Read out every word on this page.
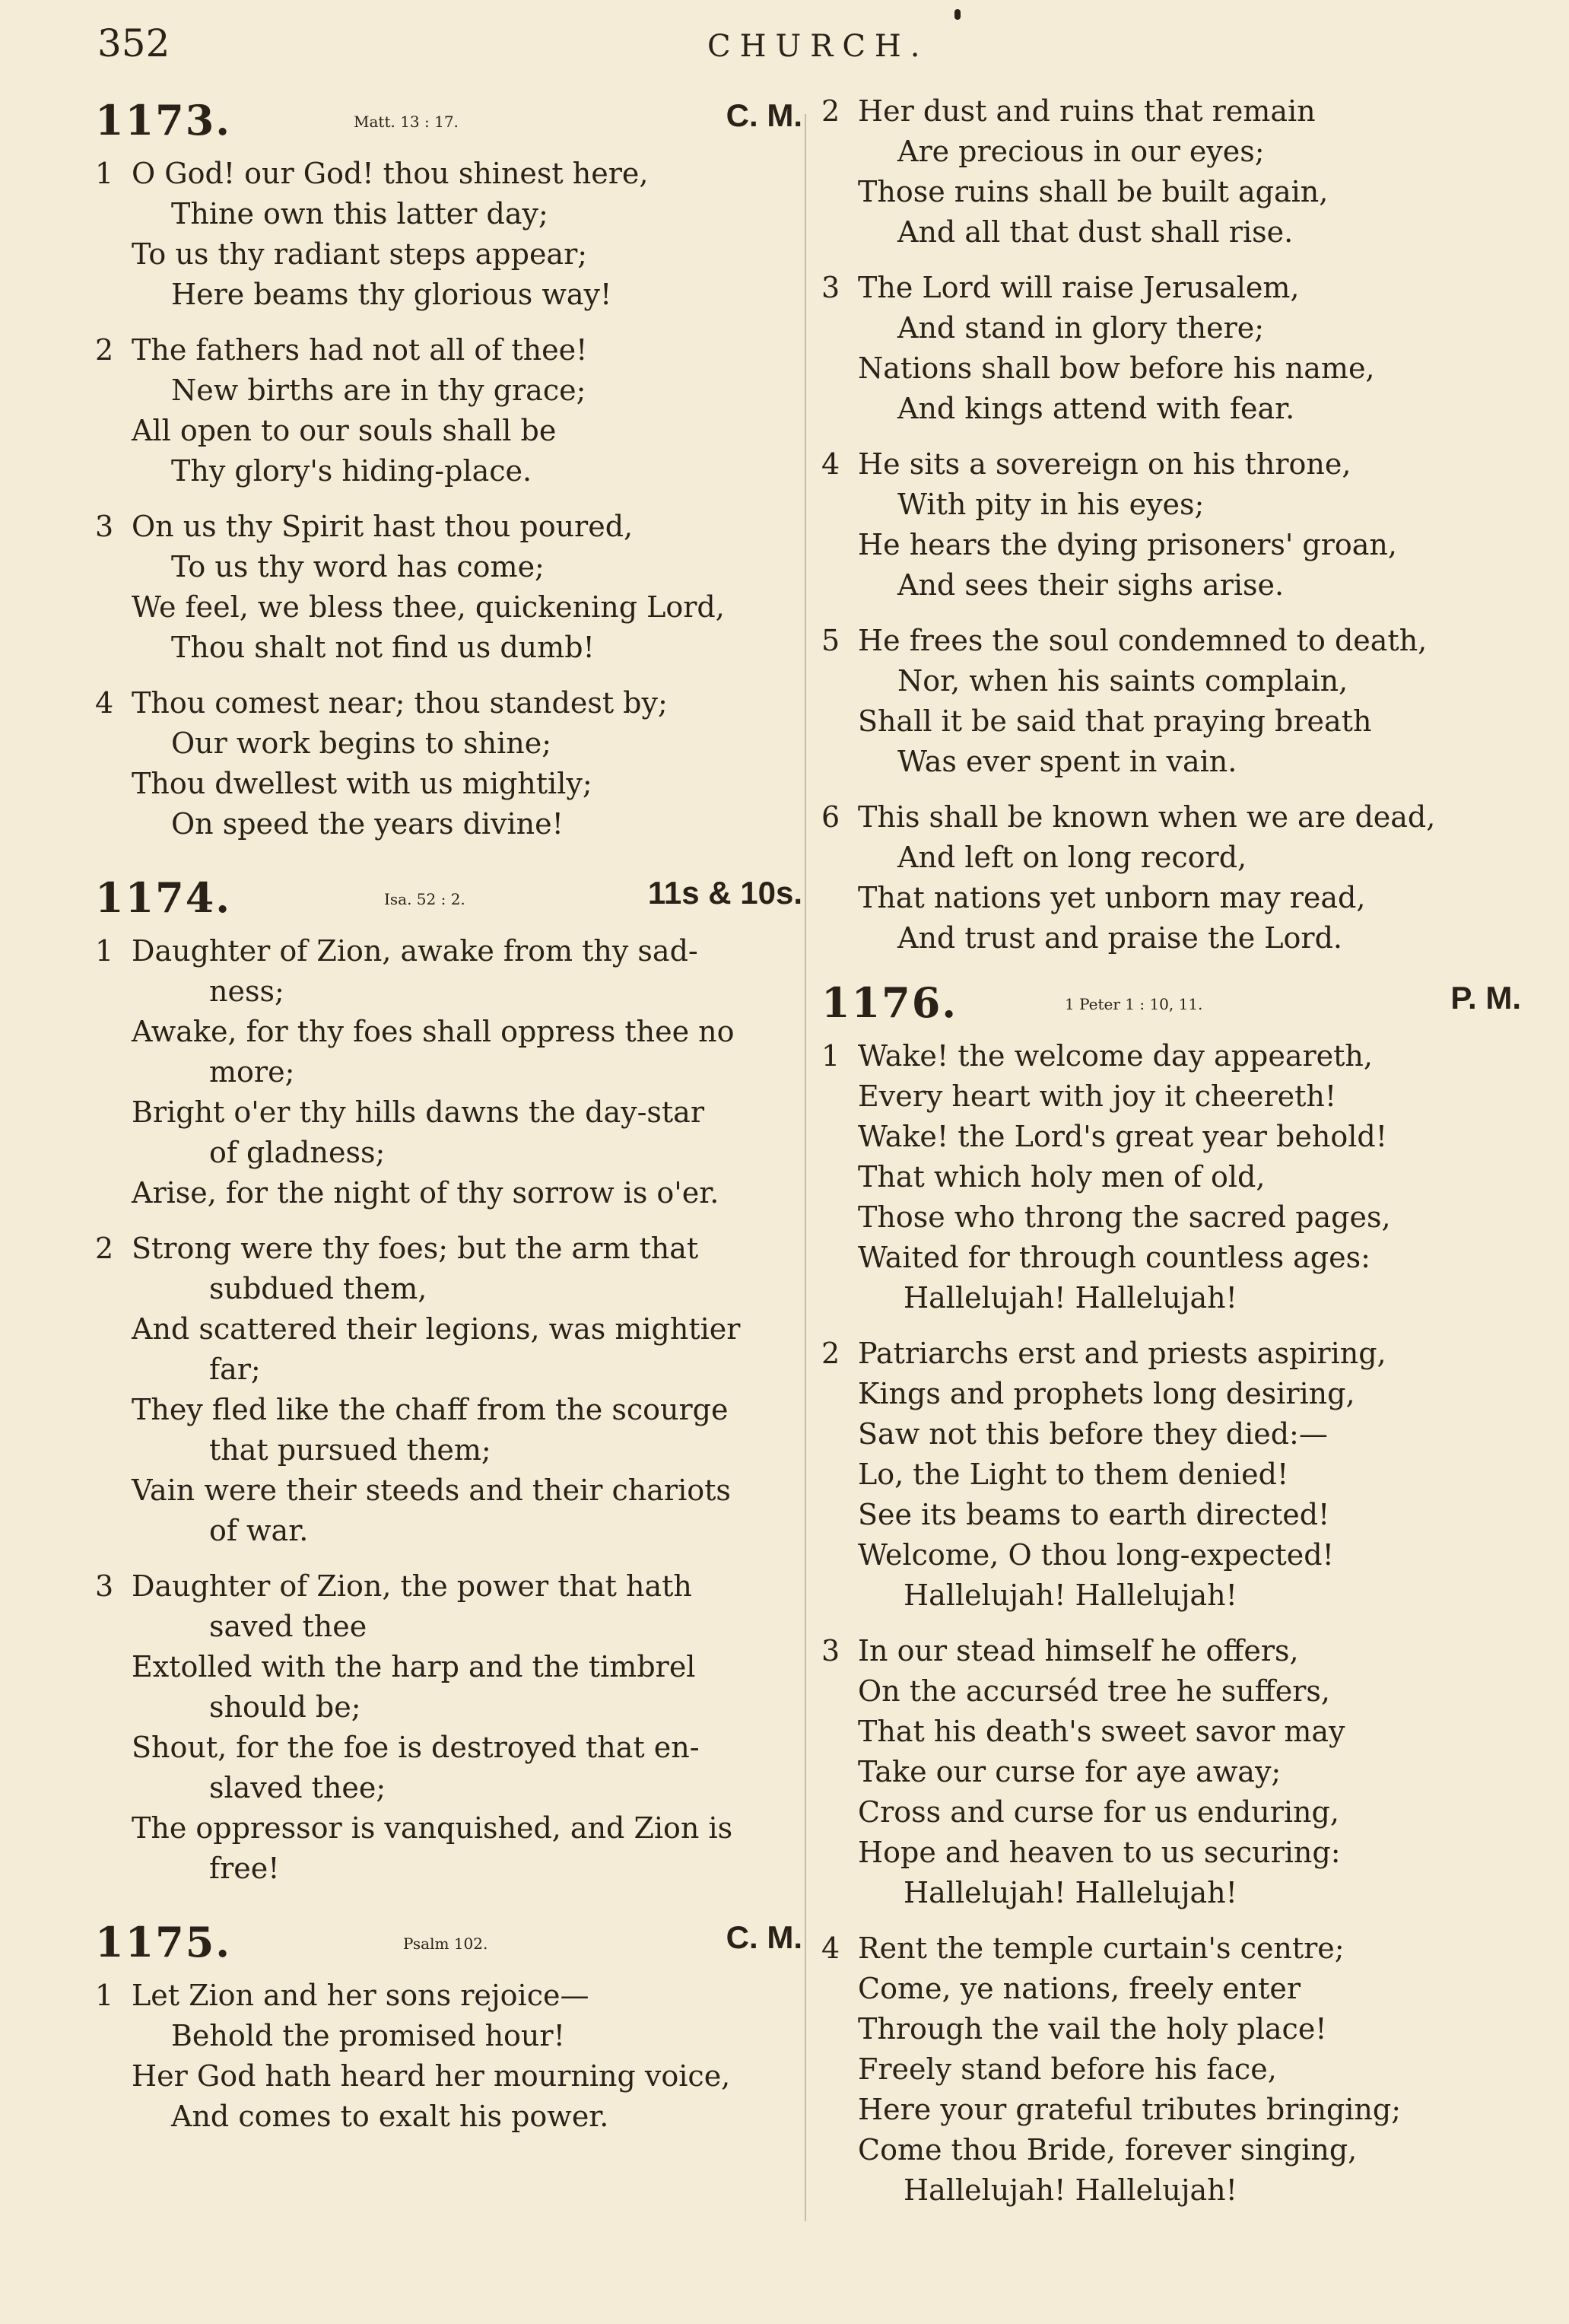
352	CHURCH.
1173.	Matt. 13 : 17.	C. M.
1 O God! our God! thou shinest here,
Thine own this latter day;
To us thy radiant steps appear;
Here beams thy glorious way!
2 The fathers had not all of thee!
New births are in thy grace;
All open to our souls shall be
Thy glory's hiding-place.
3 On us thy Spirit hast thou poured,
To us thy word has come;
We feel, we bless thee, quickening Lord,
Thou shalt not find us dumb!
4 Thou comest near; thou standest by;
Our work begins to shine;
Thou dwellest with us mightily;
On speed the years divine!
1174.	Isa. 52 : 2.	11s & 10s.
1 Daughter of Zion, awake from thy sad-
ness;
Awake, for thy foes shall oppress thee no
more;
Bright o'er thy hills dawns the day-star
of gladness;
Arise, for the night of thy sorrow is o'er.
2 Strong were thy foes; but the arm that
subdued them,
And scattered their legions, was mightier
far;
They fled like the chaff from the scourge
that pursued them;
Vain were their steeds and their chariots
of war.
3 Daughter of Zion, the power that hath
saved thee
Extolled with the harp and the timbrel
should be;
Shout, for the foe is destroyed that en-
slaved thee;
The oppressor is vanquished, and Zion is
free!
1175.	Psalm 102.	C. M.
1 Let Zion and her sons rejoice—
Behold the promised hour!
Her God hath heard her mourning voice,
And comes to exalt his power.
2 Her dust and ruins that remain
Are precious in our eyes;
Those ruins shall be built again,
And all that dust shall rise.
3 The Lord will raise Jerusalem,
And stand in glory there;
Nations shall bow before his name,
And kings attend with fear.
4 He sits a sovereign on his throne,
With pity in his eyes;
He hears the dying prisoners' groan,
And sees their sighs arise.
5 He frees the soul condemned to death,
Nor, when his saints complain,
Shall it be said that praying breath
Was ever spent in vain.
6 This shall be known when we are dead,
And left on long record,
That nations yet unborn may read,
And trust and praise the Lord.
1176.	1 Peter 1 : 10, 11.	P. M.
1 Wake! the welcome day appeareth,
Every heart with joy it cheereth!
Wake! the Lord's great year behold!
That which holy men of old,
Those who throng the sacred pages,
Waited for through countless ages:
Hallelujah! Hallelujah!
2 Patriarchs erst and priests aspiring,
Kings and prophets long desiring,
Saw not this before they died:—
Lo, the Light to them denied!
See its beams to earth directed!
Welcome, O thou long-expected!
Hallelujah! Hallelujah!
3 In our stead himself he offers,
On the accurséd tree he suffers,
That his death's sweet savor may
Take our curse for aye away;
Cross and curse for us enduring,
Hope and heaven to us securing:
Hallelujah! Hallelujah!
4 Rent the temple curtain's centre;
Come, ye nations, freely enter
Through the vail the holy place!
Freely stand before his face,
Here your grateful tributes bringing;
Come thou Bride, forever singing,
Hallelujah! Hallelujah!
